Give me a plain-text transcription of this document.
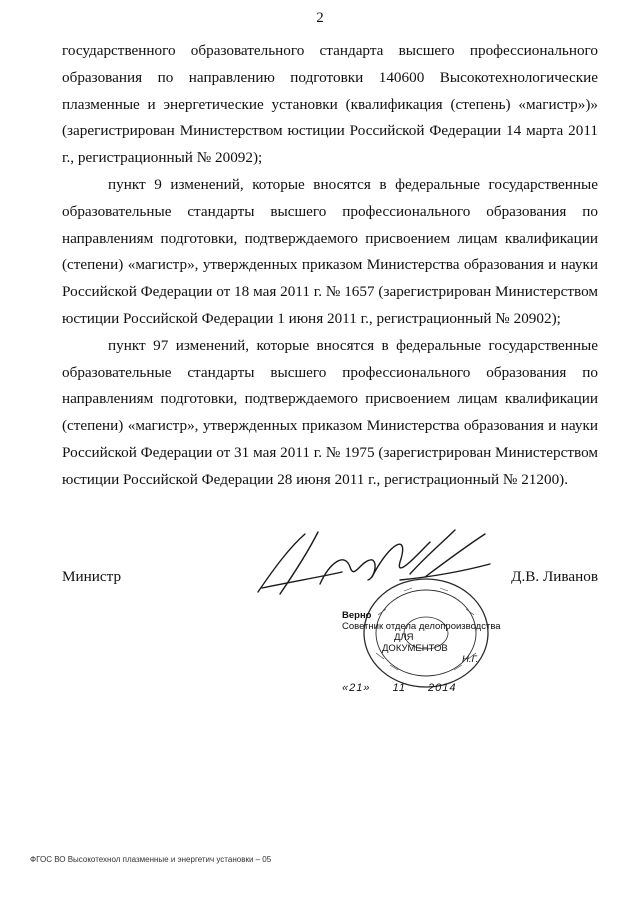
2

государственного образовательного стандарта высшего профессионального образования по направлению подготовки 140600 Высокотехнологические плазменные и энергетические установки (квалификация (степень) «магистр»)» (зарегистрирован Министерством юстиции Российской Федерации 14 марта 2011 г., регистрационный № 20092);

пункт 9 изменений, которые вносятся в федеральные государственные образовательные стандарты высшего профессионального образования по направлениям подготовки, подтверждаемого присвоением лицам квалификации (степени) «магистр», утвержденных приказом Министерства образования и науки Российской Федерации от 18 мая 2011 г. № 1657 (зарегистрирован Министерством юстиции Российской Федерации 1 июня 2011 г., регистрационный № 20902);

пункт 97 изменений, которые вносятся в федеральные государственные образовательные стандарты высшего профессионального образования по направлениям подготовки, подтверждаемого присвоением лицам квалификации (степени) «магистр», утвержденных приказом Министерства образования и науки Российской Федерации от 31 мая 2011 г. № 1975 (зарегистрирован Министерством юстиции Российской Федерации 28 июня 2011 г., регистрационный № 21200).

Министр	Д.В. Ливанов
Верно
Советник отдела делопроизводства
ДЛЯ
ДОКУМЕНТОВ
Н.Г.
«21» 11 2014
ФГОС ВО Высокотехнол плазменные и энергетич установки – 05
